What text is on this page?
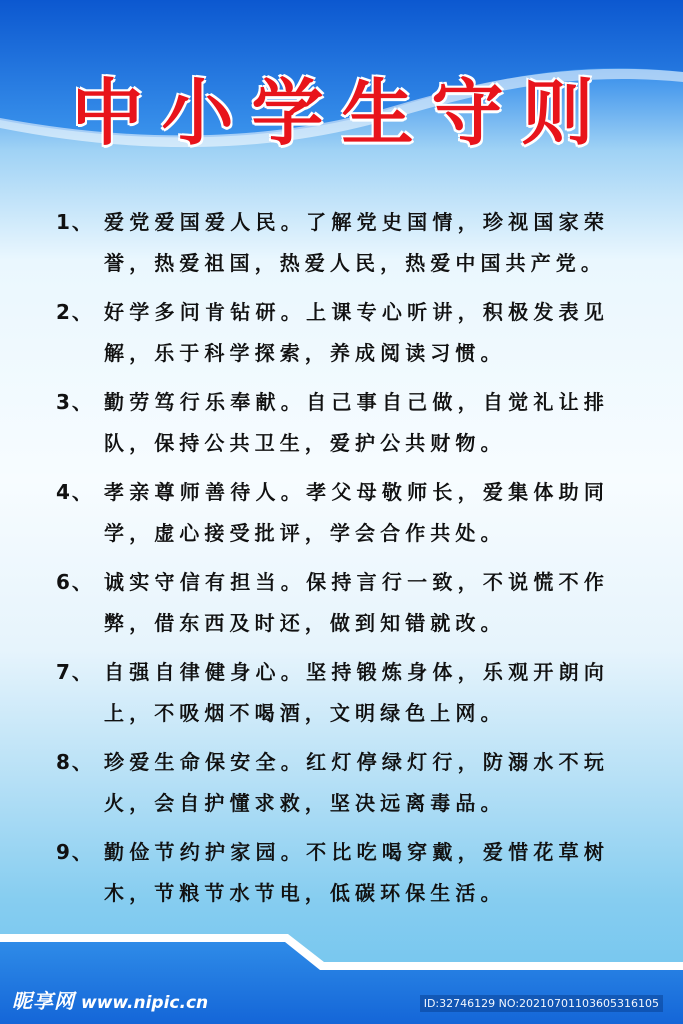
中小学生守则
1、 爱党爱国爱人民。了解党史国情，珍视国家荣誉，热爱祖国，热爱人民，热爱中国共产党。
2、 好学多问肯钻研。上课专心听讲，积极发表见解，乐于科学探索，养成阅读习惯。
3、 勤劳笃行乐奉献。自己事自己做，自觉礼让排队，保持公共卫生，爱护公共财物。
4、 孝亲尊师善待人。孝父母敬师长，爱集体助同学，虚心接受批评，学会合作共处。
6、 诚实守信有担当。保持言行一致，不说慌不作弊，借东西及时还，做到知错就改。
7、 自强自律健身心。坚持锻炼身体，乐观开朗向上，不吸烟不喝酒，文明绿色上网。
8、 珍爱生命保安全。红灯停绿灯行，防溺水不玩火，会自护懂求救，坚决远离毒品。
9、 勤俭节约护家园。不比吃喝穿戴，爱惜花草树木，节粮节水节电，低碳环保生活。
昵享网 www.nipic.cn	ID:32746129 NO:20210701103605316105
